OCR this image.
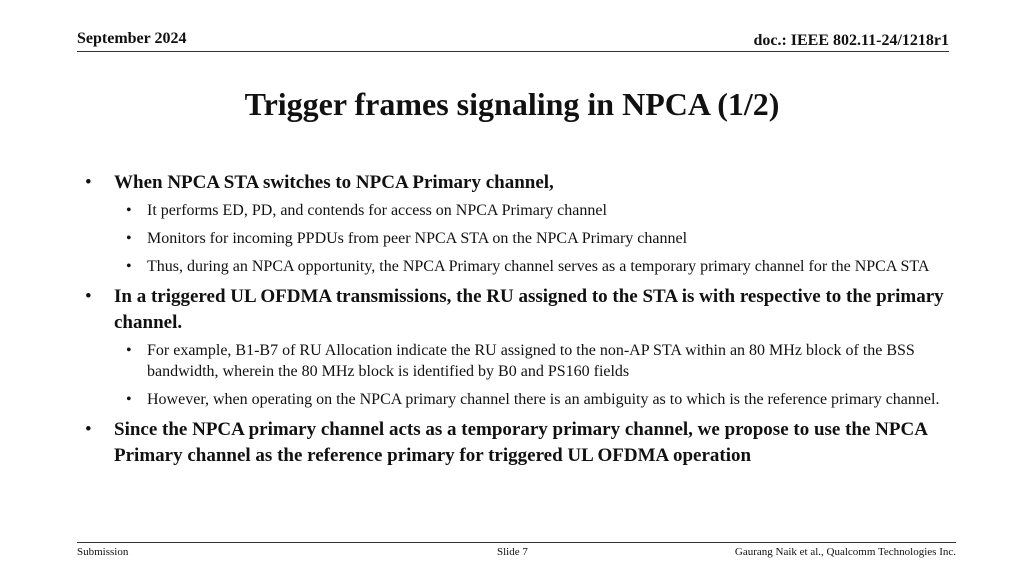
September 2024	doc.: IEEE 802.11-24/1218r1
Trigger frames signaling in NPCA (1/2)
• When NPCA STA switches to NPCA Primary channel,
• It performs ED, PD, and contends for access on NPCA Primary channel
• Monitors for incoming PPDUs from peer NPCA STA on the NPCA Primary channel
• Thus, during an NPCA opportunity, the NPCA Primary channel serves as a temporary primary channel for the NPCA STA
• In a triggered UL OFDMA transmissions, the RU assigned to the STA is with respective to the primary channel.
• For example, B1-B7 of RU Allocation indicate the RU assigned to the non-AP STA within an 80 MHz block of the BSS bandwidth, wherein the 80 MHz block is identified by B0 and PS160 fields
• However, when operating on the NPCA primary channel there is an ambiguity as to which is the reference primary channel.
• Since the NPCA primary channel acts as a temporary primary channel, we propose to use the NPCA Primary channel as the reference primary for triggered UL OFDMA operation
Submission	Slide 7	Gaurang Naik et al., Qualcomm Technologies Inc.
